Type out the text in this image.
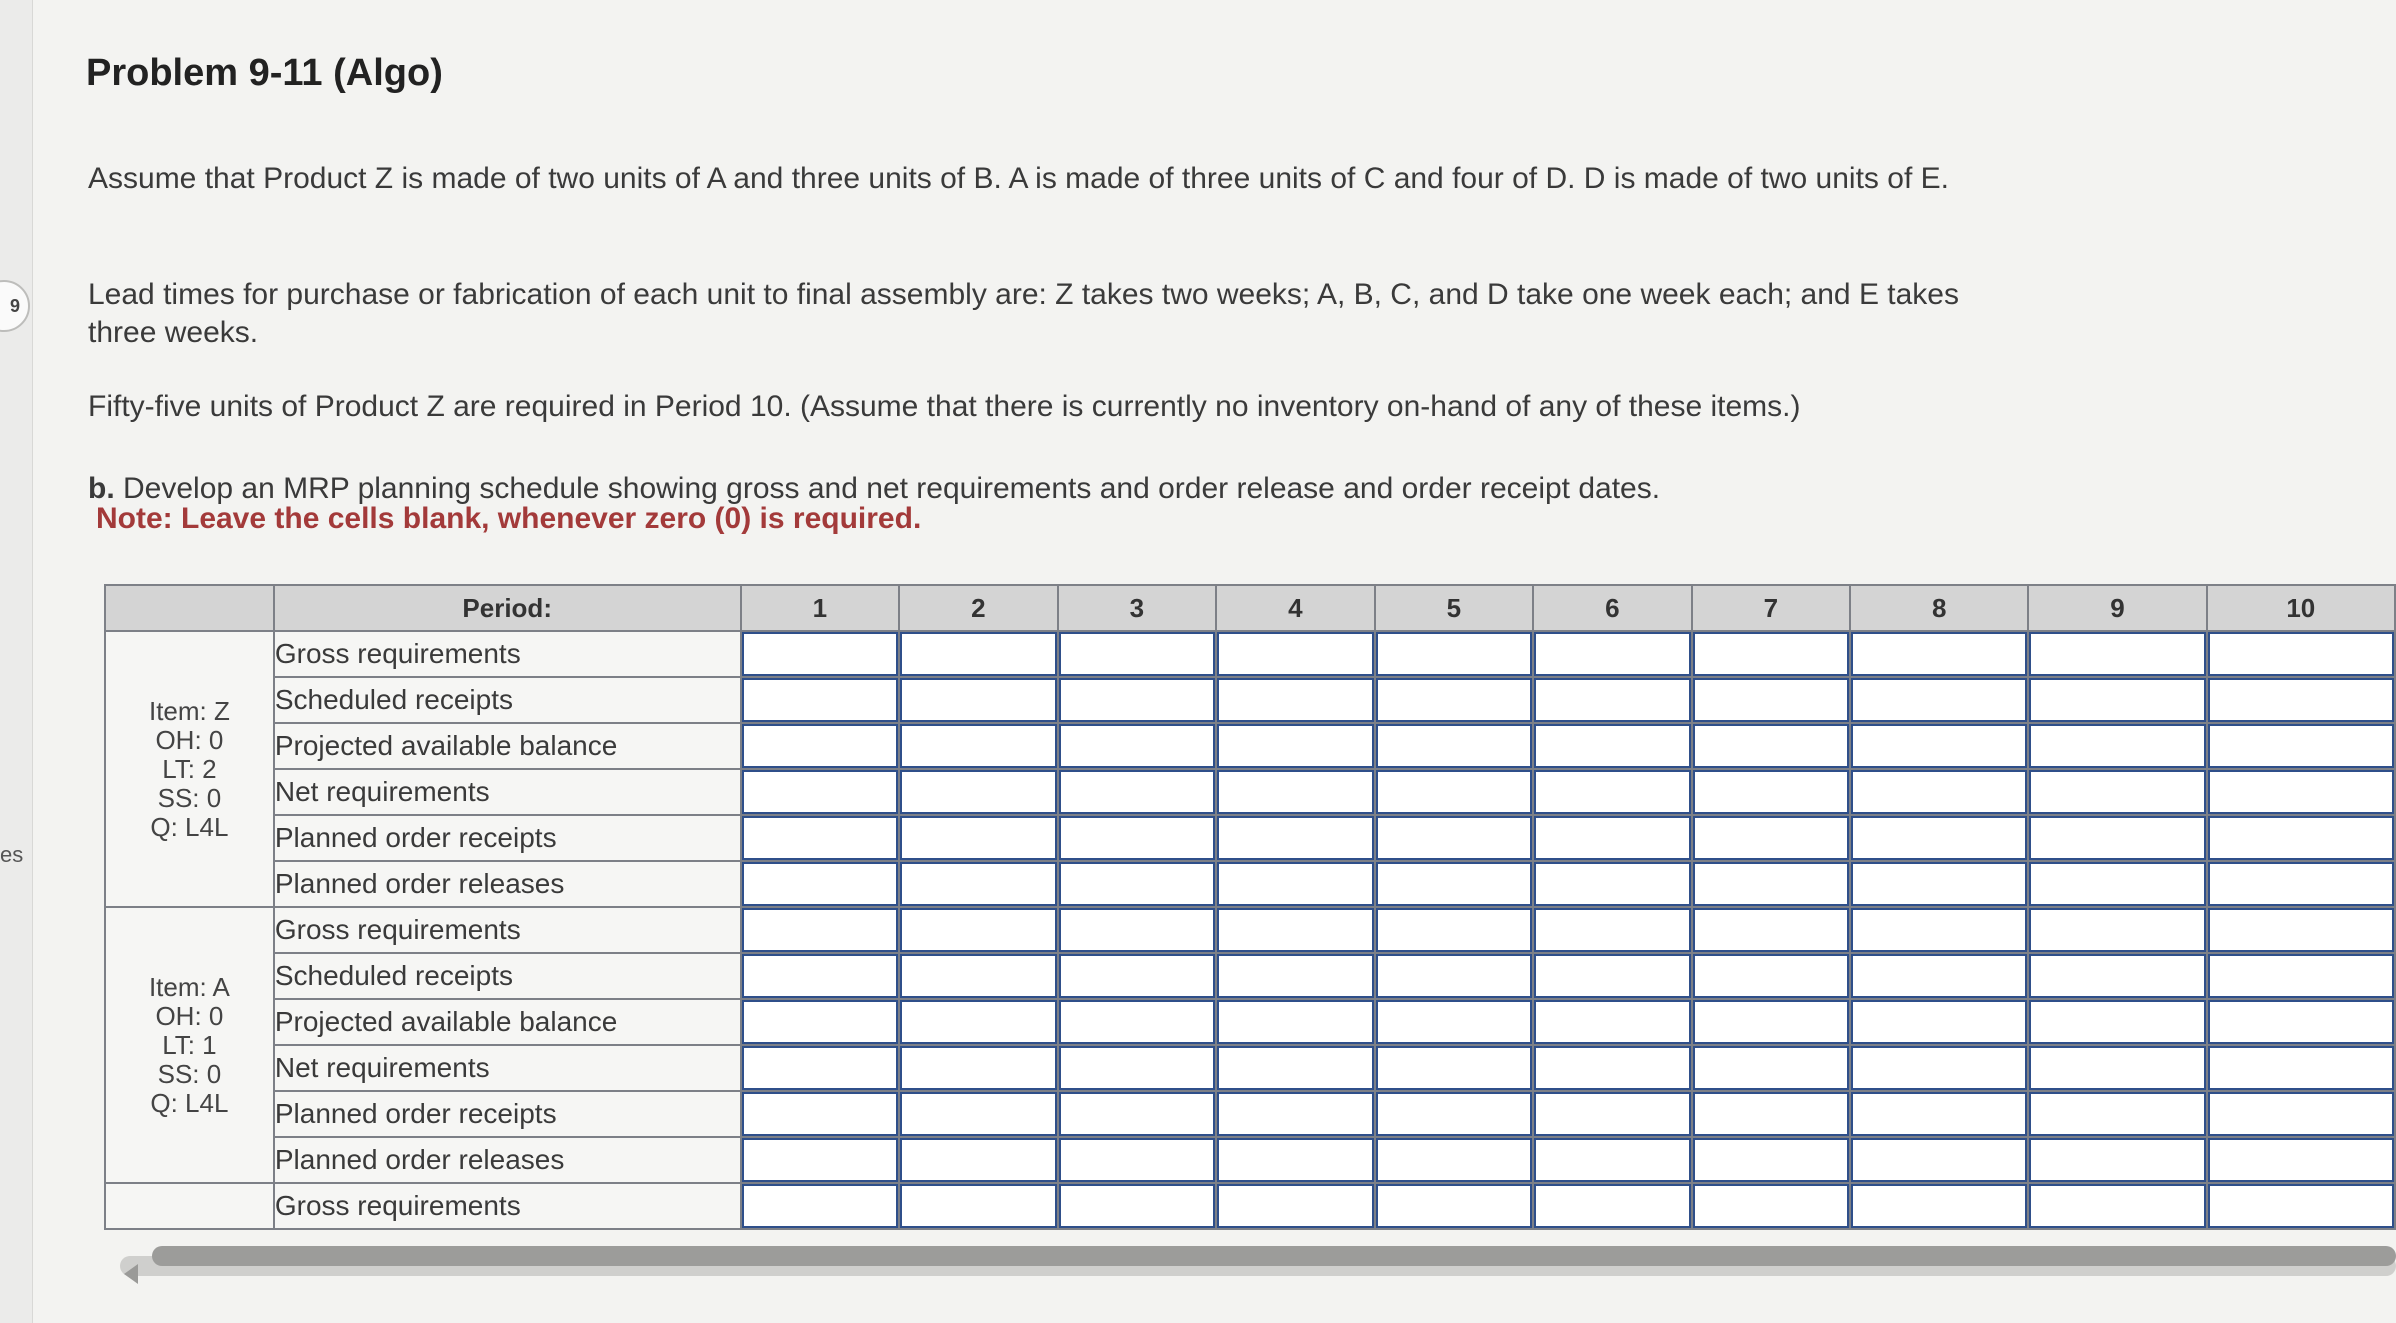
9
es
Problem 9-11 (Algo)
Assume that Product Z is made of two units of A and three units of B. A is made of three units of C and four of D. D is made of two units of E.
Lead times for purchase or fabrication of each unit to final assembly are: Z takes two weeks; A, B, C, and D take one week each; and E takes three weeks.
Fifty-five units of Product Z are required in Period 10. (Assume that there is currently no inventory on-hand of any of these items.)
b. Develop an MRP planning schedule showing gross and net requirements and order release and order receipt dates.
Note: Leave the cells blank, whenever zero (0) is required.
	Period:	1	2	3	4	5	6	7	8	9	10

Item: Z
OH: 0
LT: 2
SS: 0
Q: L4L	Gross requirements										
	Scheduled receipts										
	Projected available balance										
	Net requirements										
	Planned order receipts										
	Planned order releases										

Item: A
OH: 0
LT: 1
SS: 0
Q: L4L	Gross requirements										
	Scheduled receipts										
	Projected available balance										
	Net requirements										
	Planned order receipts										
	Planned order releases										
	Gross requirements										
